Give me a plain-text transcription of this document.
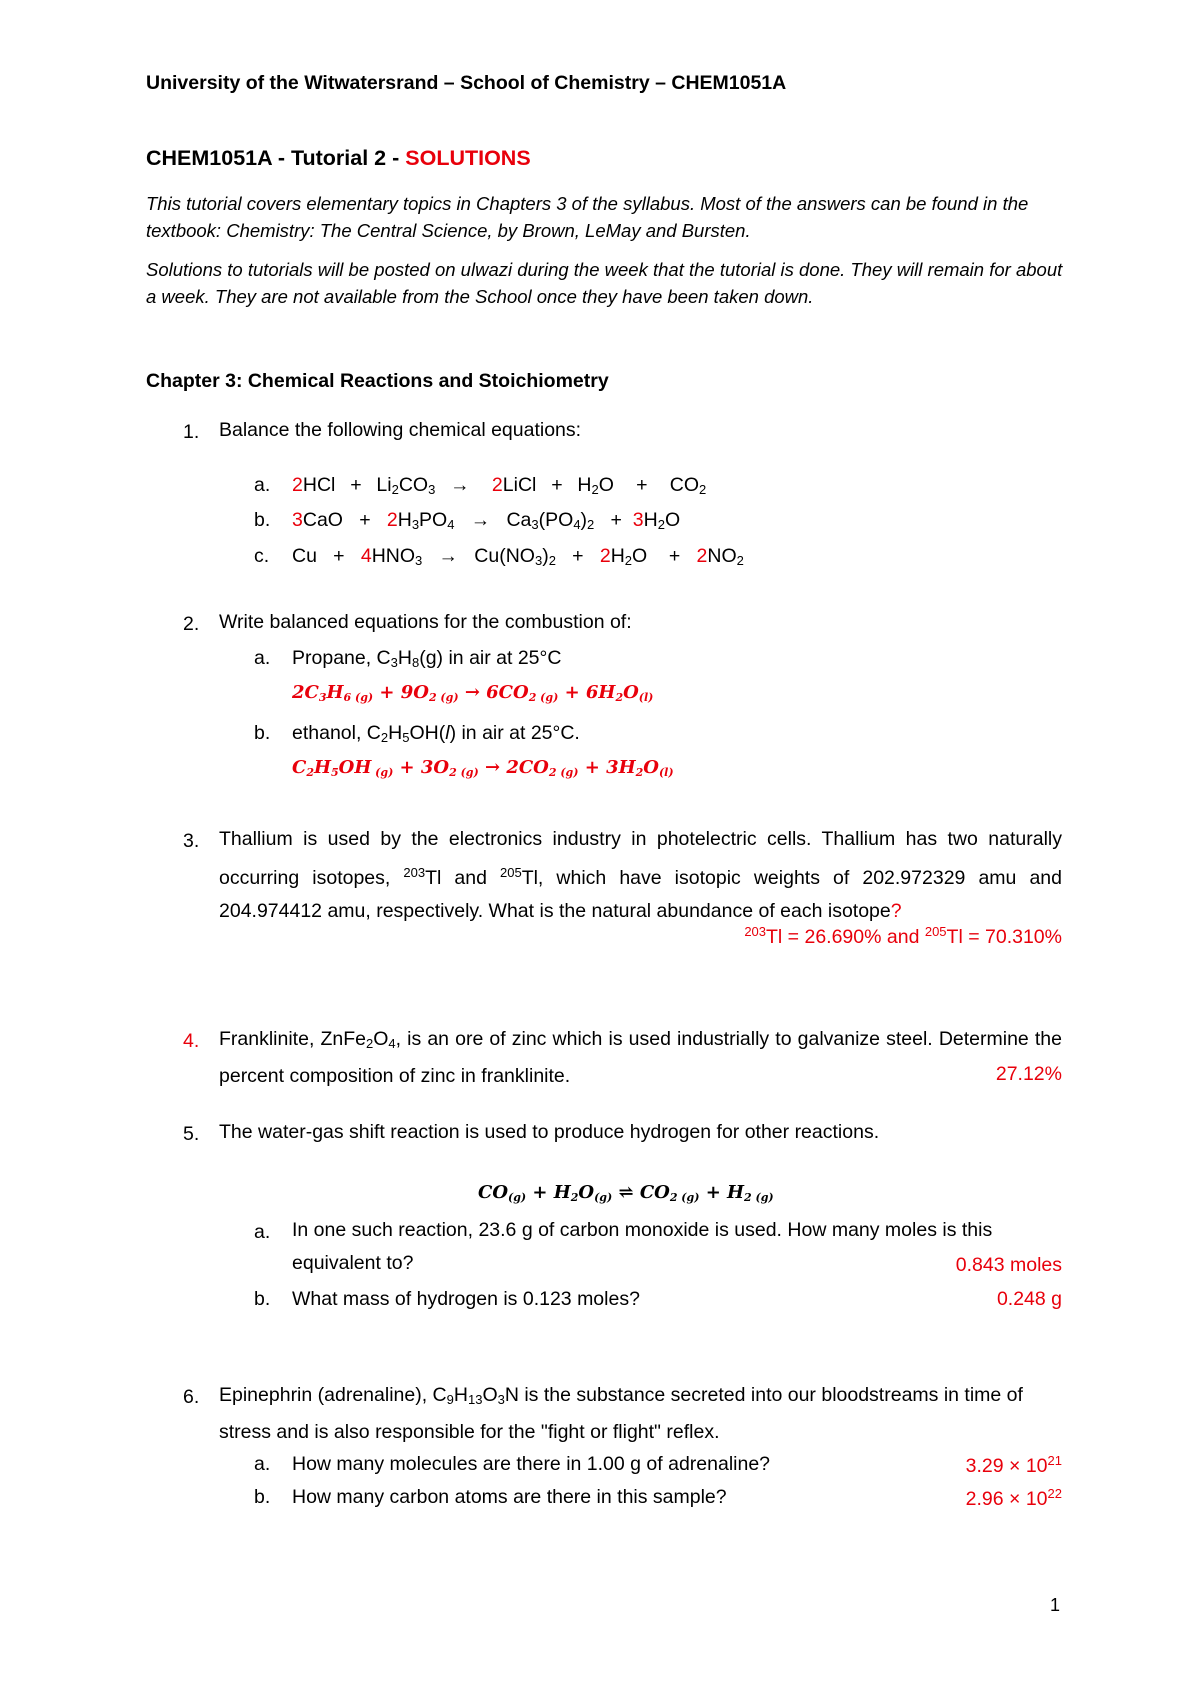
University of the Witwatersrand – School of Chemistry – CHEM1051A
CHEM1051A - Tutorial 2 - SOLUTIONS
This tutorial covers elementary topics in Chapters 3 of the syllabus. Most of the answers can be found in the textbook: Chemistry: The Central Science, by Brown, LeMay and Bursten.
Solutions to tutorials will be posted on ulwazi during the week that the tutorial is done. They will remain for about a week. They are not available from the School once they have been taken down.
Chapter 3: Chemical Reactions and Stoichiometry
1. Balance the following chemical equations:
a. $2HCl + Li_2CO_3$  →   2LiCl  +  $H_2O + CO_2$
b. $3CaO + 2H_3PO_4 \to Ca_3(PO_4)_2 + 3H_2O$
c. $Cu + 4HNO_3 \to Cu(NO_3)_2 + 2H_2O$    +   $2NO_2$
2. Write balanced equations for the combustion of:
a. Propane, $C_3H_8(g)$ in air at 25°C
$2C_3H_{6 (g)} + 9O_{2 (g)} \to 6CO_{2 (g)} + 6H_2O_{(l)}$
b. ethanol, $C_2H_5OH(l)$ in air at 25°C.
$C_2H_5OH$ $_{(g)} + 3O_{2 (g)} \to 2CO_{2 (g)} + 3H_2O_{(l)}$
3. Thallium is used by the electronics industry in photelectric cells. Thallium has two naturally occurring isotopes, $^{203}$Tl and $^{205}$Tl, which have isotopic weights of 202.972329 amu and 204.974412 amu, respectively. What is the natural abundance of each isotope?
$^{203}$Tl = 26.690% and $^{205}$Tl = 70.310%
4. Franklinite, $ZnFe_2O_4$, is an ore of zinc which is used industrially to galvanize steel. Determine the percent composition of zinc in franklinite.	27.12%
5. The water-gas shift reaction is used to produce hydrogen for other reactions.
$CO_{(g)} + H_2O_{(g)}$ ⇌ $CO_{2 (g)} + H_{2 (g)}$
a. In one such reaction, 23.6 g of carbon monoxide is used. How many moles is this equivalent to?	0.843 moles
b. What mass of hydrogen is 0.123 moles?	0.248 g
6. Epinephrin (adrenaline), $C_9H_{13}O_3N$ is the substance secreted into our bloodstreams in time of stress and is also responsible for the "fight or flight" reflex.
a. How many molecules are there in 1.00 g of adrenaline?	$3.29 \times 10^{21}$
b. How many carbon atoms are there in this sample?	$2.96 \times 10^{22}$
1
